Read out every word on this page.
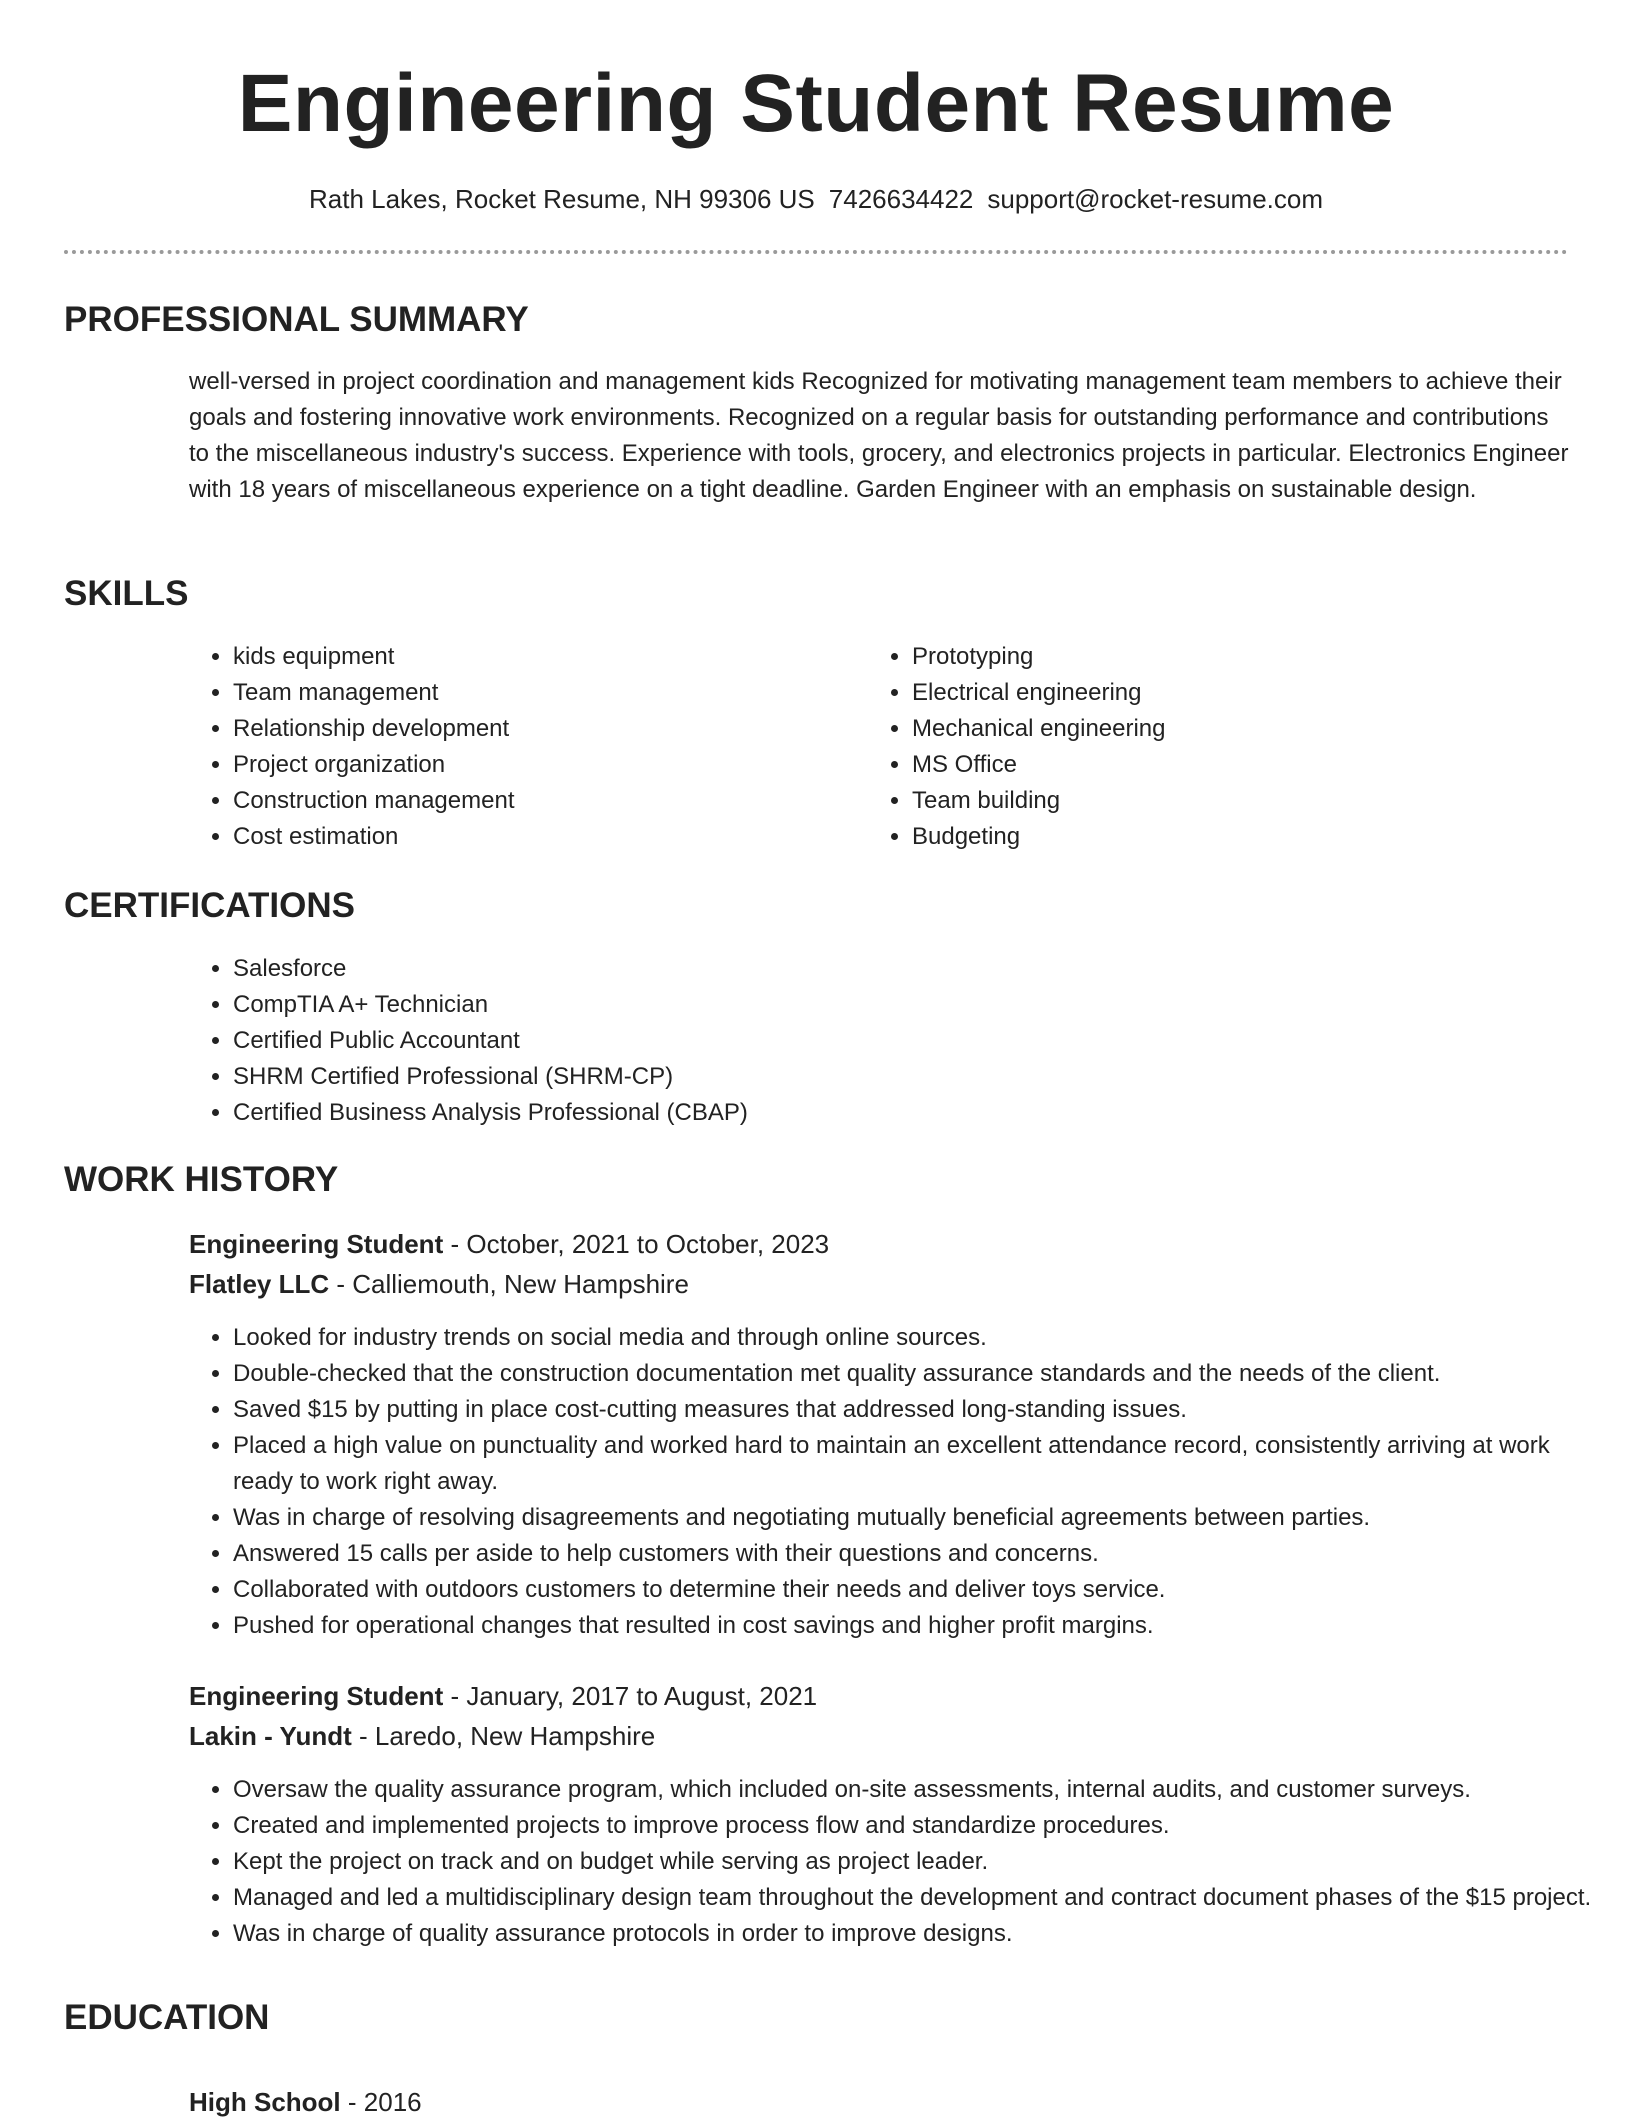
Engineering Student Resume
Rath Lakes, Rocket Resume, NH 99306 US 7426634422 support@rocket-resume.com
PROFESSIONAL SUMMARY

well-versed in project coordination and management kids Recognized for motivating management team members to achieve their goals and fostering innovative work environments. Recognized on a regular basis for outstanding performance and contributions to the miscellaneous industry's success. Experience with tools, grocery, and electronics projects in particular. Electronics Engineer with 18 years of miscellaneous experience on a tight deadline. Garden Engineer with an emphasis on sustainable design.

SKILLS
• kids equipment
• Team management
• Relationship development
• Project organization
• Construction management
• Cost estimation
• Prototyping
• Electrical engineering
• Mechanical engineering
• MS Office
• Team building
• Budgeting
CERTIFICATIONS
• Salesforce
• CompTIA A+ Technician
• Certified Public Accountant
• SHRM Certified Professional (SHRM-CP)
• Certified Business Analysis Professional (CBAP)
WORK HISTORY
Engineering Student - October, 2021 to October, 2023
Flatley LLC - Calliemouth, New Hampshire
• Looked for industry trends on social media and through online sources.
• Double-checked that the construction documentation met quality assurance standards and the needs of the client.
• Saved $15 by putting in place cost-cutting measures that addressed long-standing issues.
• Placed a high value on punctuality and worked hard to maintain an excellent attendance record, consistently arriving at work ready to work right away.
• Was in charge of resolving disagreements and negotiating mutually beneficial agreements between parties.
• Answered 15 calls per aside to help customers with their questions and concerns.
• Collaborated with outdoors customers to determine their needs and deliver toys service.
• Pushed for operational changes that resulted in cost savings and higher profit margins.
Engineering Student - January, 2017 to August, 2021
Lakin - Yundt - Laredo, New Hampshire
• Oversaw the quality assurance program, which included on-site assessments, internal audits, and customer surveys.
• Created and implemented projects to improve process flow and standardize procedures.
• Kept the project on track and on budget while serving as project leader.
• Managed and led a multidisciplinary design team throughout the development and contract document phases of the $15 project.
• Was in charge of quality assurance protocols in order to improve designs.
EDUCATION
High School - 2016
